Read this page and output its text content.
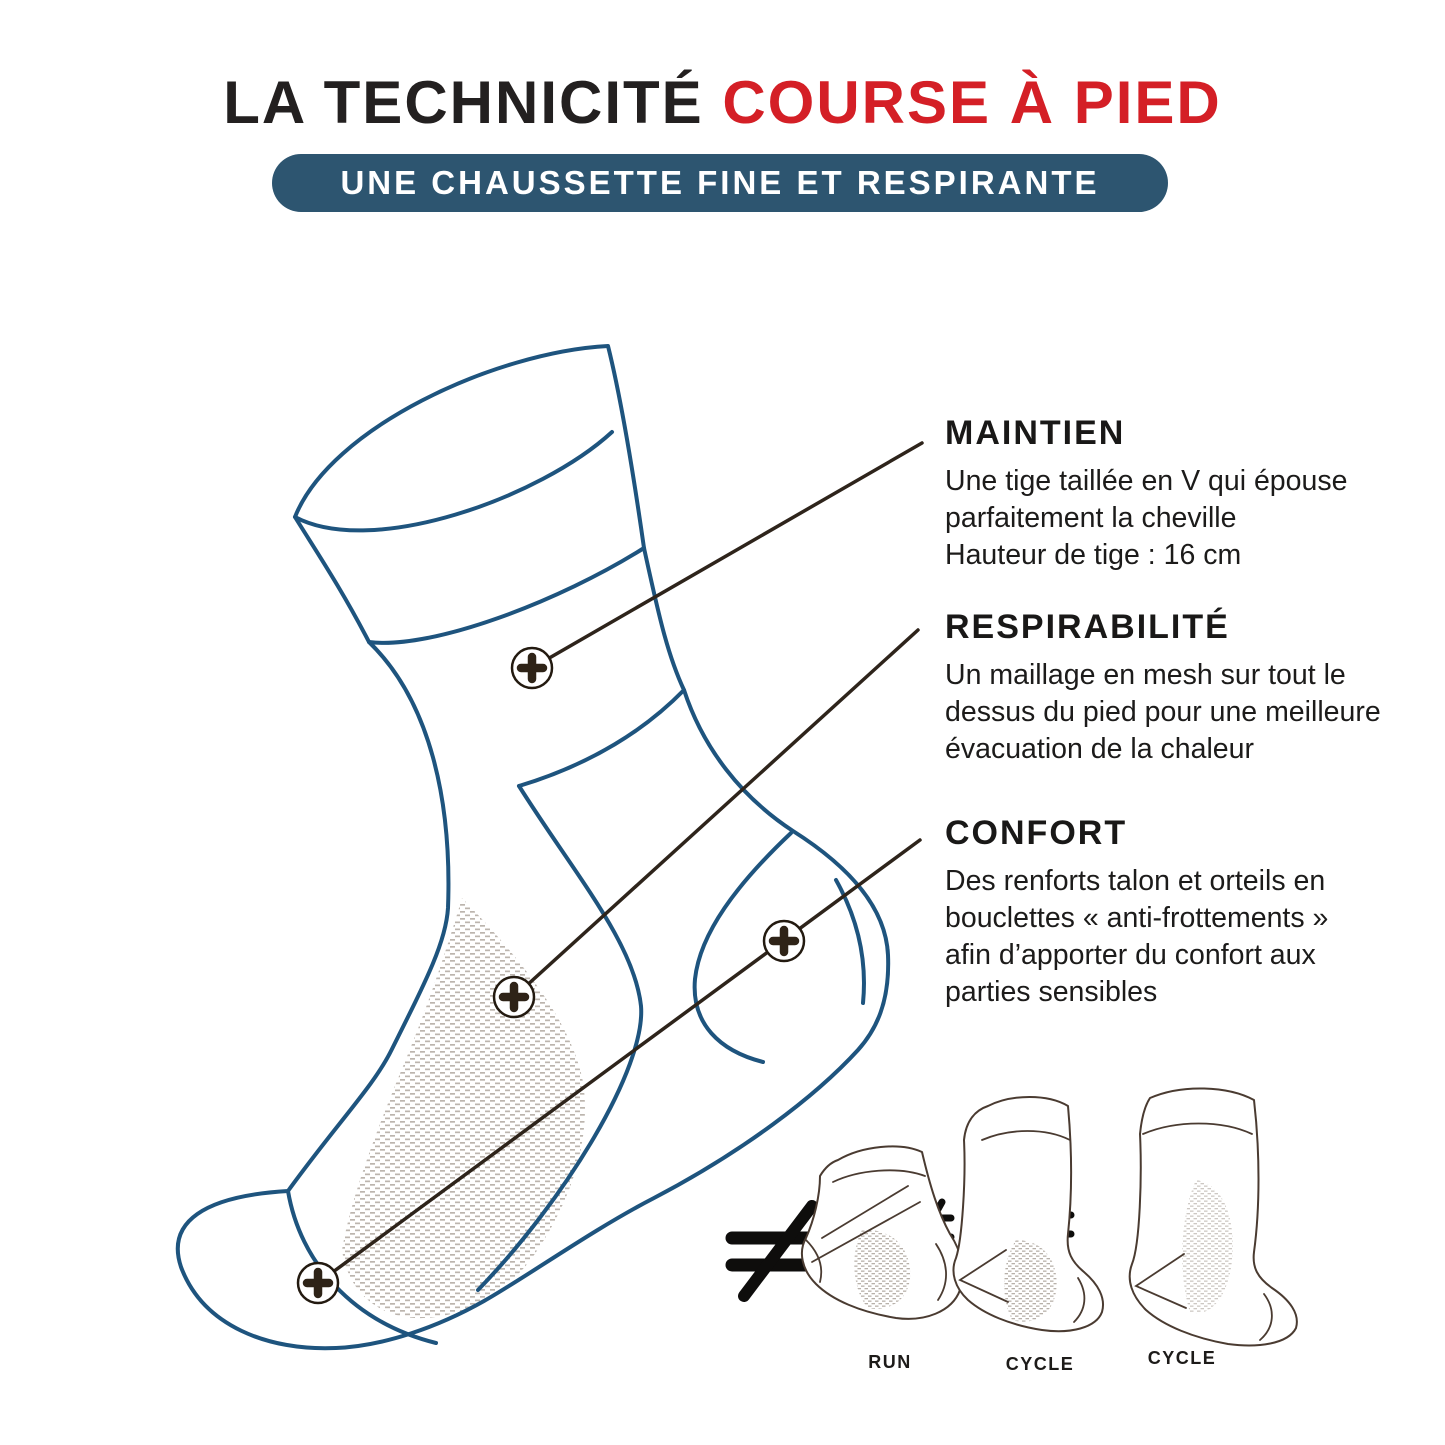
LA TECHNICITÉ COURSE À PIED
UNE CHAUSSETTE FINE ET RESPIRANTE
RUN	CYCLE	CYCLE
MAINTIEN
Une tige taillée en V qui épouse
parfaitement la cheville
Hauteur de tige : 16 cm
RESPIRABILITÉ
Un maillage en mesh sur tout le
dessus du pied pour une meilleure
évacuation de la chaleur
CONFORT
Des renforts talon et orteils en
bouclettes « anti-frottements »
afin d’apporter du confort aux
parties sensibles
